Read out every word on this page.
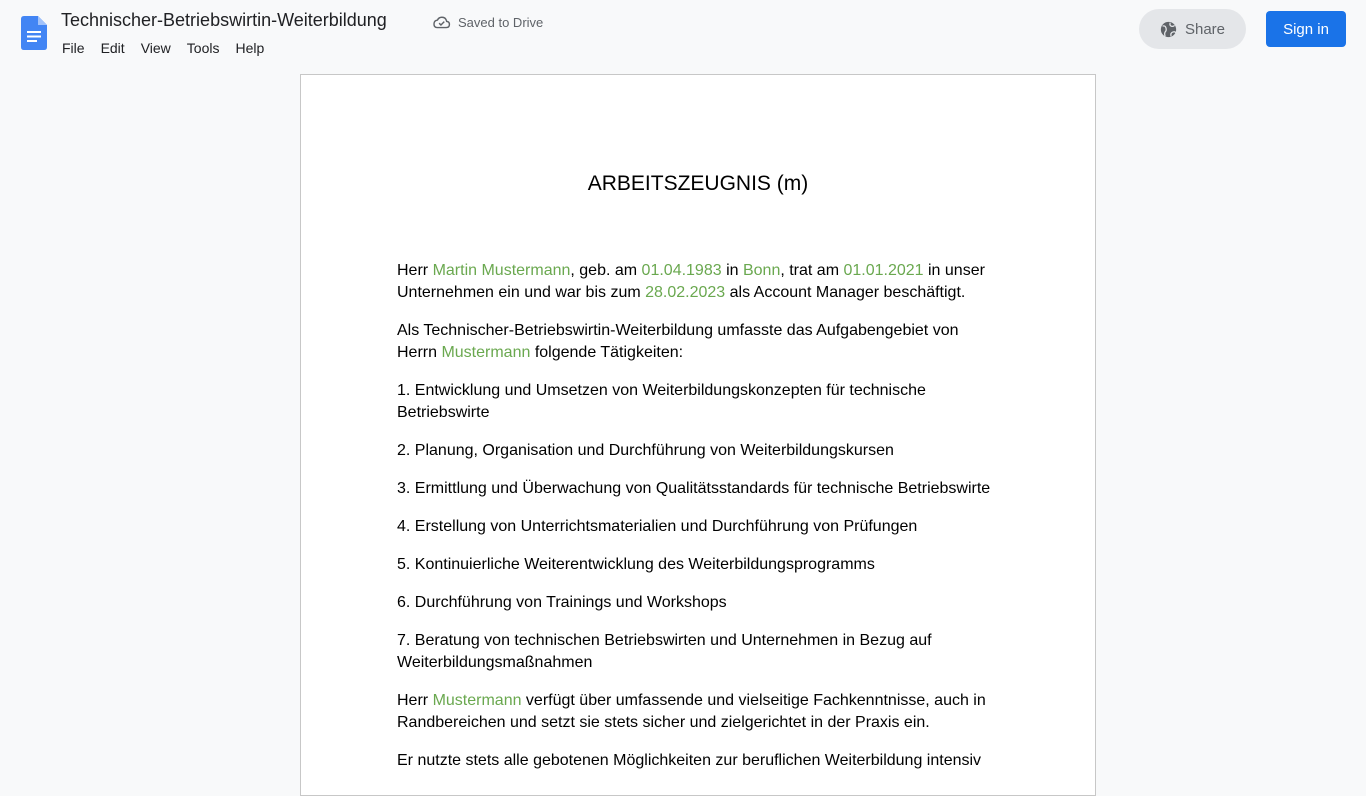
Technischer-Betriebswirtin-Weiterbildung	Saved to Drive
File	Edit	View	Tools	Help
Share	Sign in
ARBEITSZEUGNIS (m)

Herr Martin Mustermann, geb. am 01.04.1983 in Bonn, trat am 01.01.2021 in unser Unternehmen ein und war bis zum 28.02.2023 als Account Manager beschäftigt.

Als Technischer-Betriebswirtin-Weiterbildung umfasste das Aufgabengebiet von Herrn Mustermann folgende Tätigkeiten:

1. Entwicklung und Umsetzen von Weiterbildungskonzepten für technische Betriebswirte

2. Planung, Organisation und Durchführung von Weiterbildungskursen

3. Ermittlung und Überwachung von Qualitätsstandards für technische Betriebswirte

4. Erstellung von Unterrichtsmaterialien und Durchführung von Prüfungen

5. Kontinuierliche Weiterentwicklung des Weiterbildungsprogramms

6. Durchführung von Trainings und Workshops

7. Beratung von technischen Betriebswirten und Unternehmen in Bezug auf Weiterbildungsmaßnahmen

Herr Mustermann verfügt über umfassende und vielseitige Fachkenntnisse, auch in Randbereichen und setzt sie stets sicher und zielgerichtet in der Praxis ein.

Er nutzte stets alle gebotenen Möglichkeiten zur beruflichen Weiterbildung intensiv
